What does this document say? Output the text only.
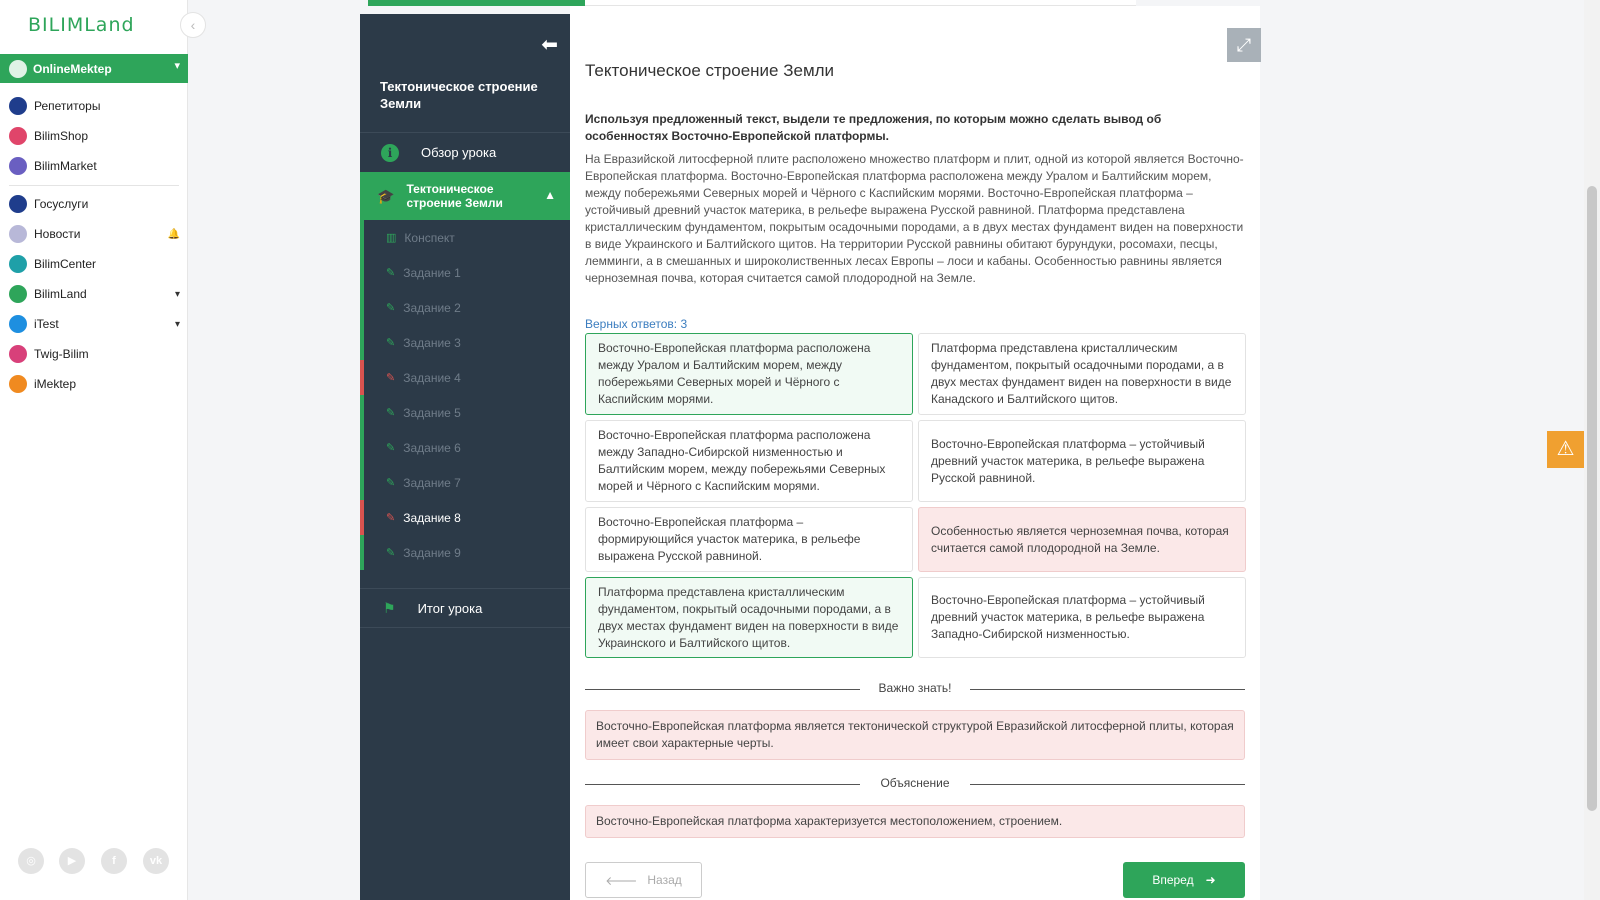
BILIMLand
OnlineMektep	▾
Репетиторы
BilimShop
BilimMarket
Госуслуги
Новости	🔔
BilimCenter
BilimLand	▾
iTest	▾
Twig-Bilim
iMektep
◎	▶	f	vk
‹
⬅
Тектоническое строение Земли
i	Обзор урока
🎓 Тектоническое строение Земли
▲
▥ Конспект
✎ Задание 1
✎ Задание 2
✎ Задание 3
✎ Задание 4
✎ Задание 5
✎ Задание 6
✎ Задание 7
✎ Задание 8
✎ Задание 9
⚑ Итог урока
⤢
Тектоническое строение Земли
Используя предложенный текст, выдели те предложения, по которым можно сделать вывод об особенностях Восточно-Европейской платформы.
На Евразийской литосферной плите расположено множество платформ и плит, одной из которой является Восточно-Европейская платформа. Восточно-Европейская платформа расположена между Уралом и Балтийским морем, между побережьями Северных морей и Чёрного с Каспийским морями. Восточно-Европейская платформа – устойчивый древний участок материка, в рельефе выражена Русской равниной. Платформа представлена кристаллическим фундаментом, покрытым осадочными породами, а в двух местах фундамент виден на поверхности в виде Украинского и Балтийского щитов. На территории Русской равнины обитают бурундуки, росомахи, песцы, лемминги, а в смешанных и широколиственных лесах Европы – лоси и кабаны. Особенностью равнины является черноземная почва, которая считается самой плодородной на Земле.
Верных ответов: 3
Восточно-Европейская платформа расположена между Уралом и Балтийским морем, между побережьями Северных морей и Чёрного с Каспийским морями.
Платформа представлена кристаллическим фундаментом, покрытый осадочными породами, а в двух местах фундамент виден на поверхности в виде Канадского и Балтийского щитов.
Восточно-Европейская платформа расположена между Западно-Сибирской низменностью и Балтийским морем, между побережьями Северных морей и Чёрного с Каспийским морями.
Восточно-Европейская платформа – устойчивый древний участок материка, в рельефе выражена Русской равниной.
Восточно-Европейская платформа – формирующийся участок материка, в рельефе выражена Русской равниной.
Особенностью является черноземная почва, которая считается самой плодородной на Земле.
Платформа представлена кристаллическим фундаментом, покрытый осадочными породами, а в двух местах фундамент виден на поверхности в виде Украинского и Балтийского щитов.
Восточно-Европейская платформа – устойчивый древний участок материка, в рельефе выражена Западно-Сибирской низменностью.
Важно знать!
Восточно-Европейская платформа является тектонической структурой Евразийской литосферной плиты, которая имеет свои характерные черты.
Объяснение
Восточно-Европейская платформа характеризуется местоположением, строением.
🡐 Назад	Вперед ➜
⚠
